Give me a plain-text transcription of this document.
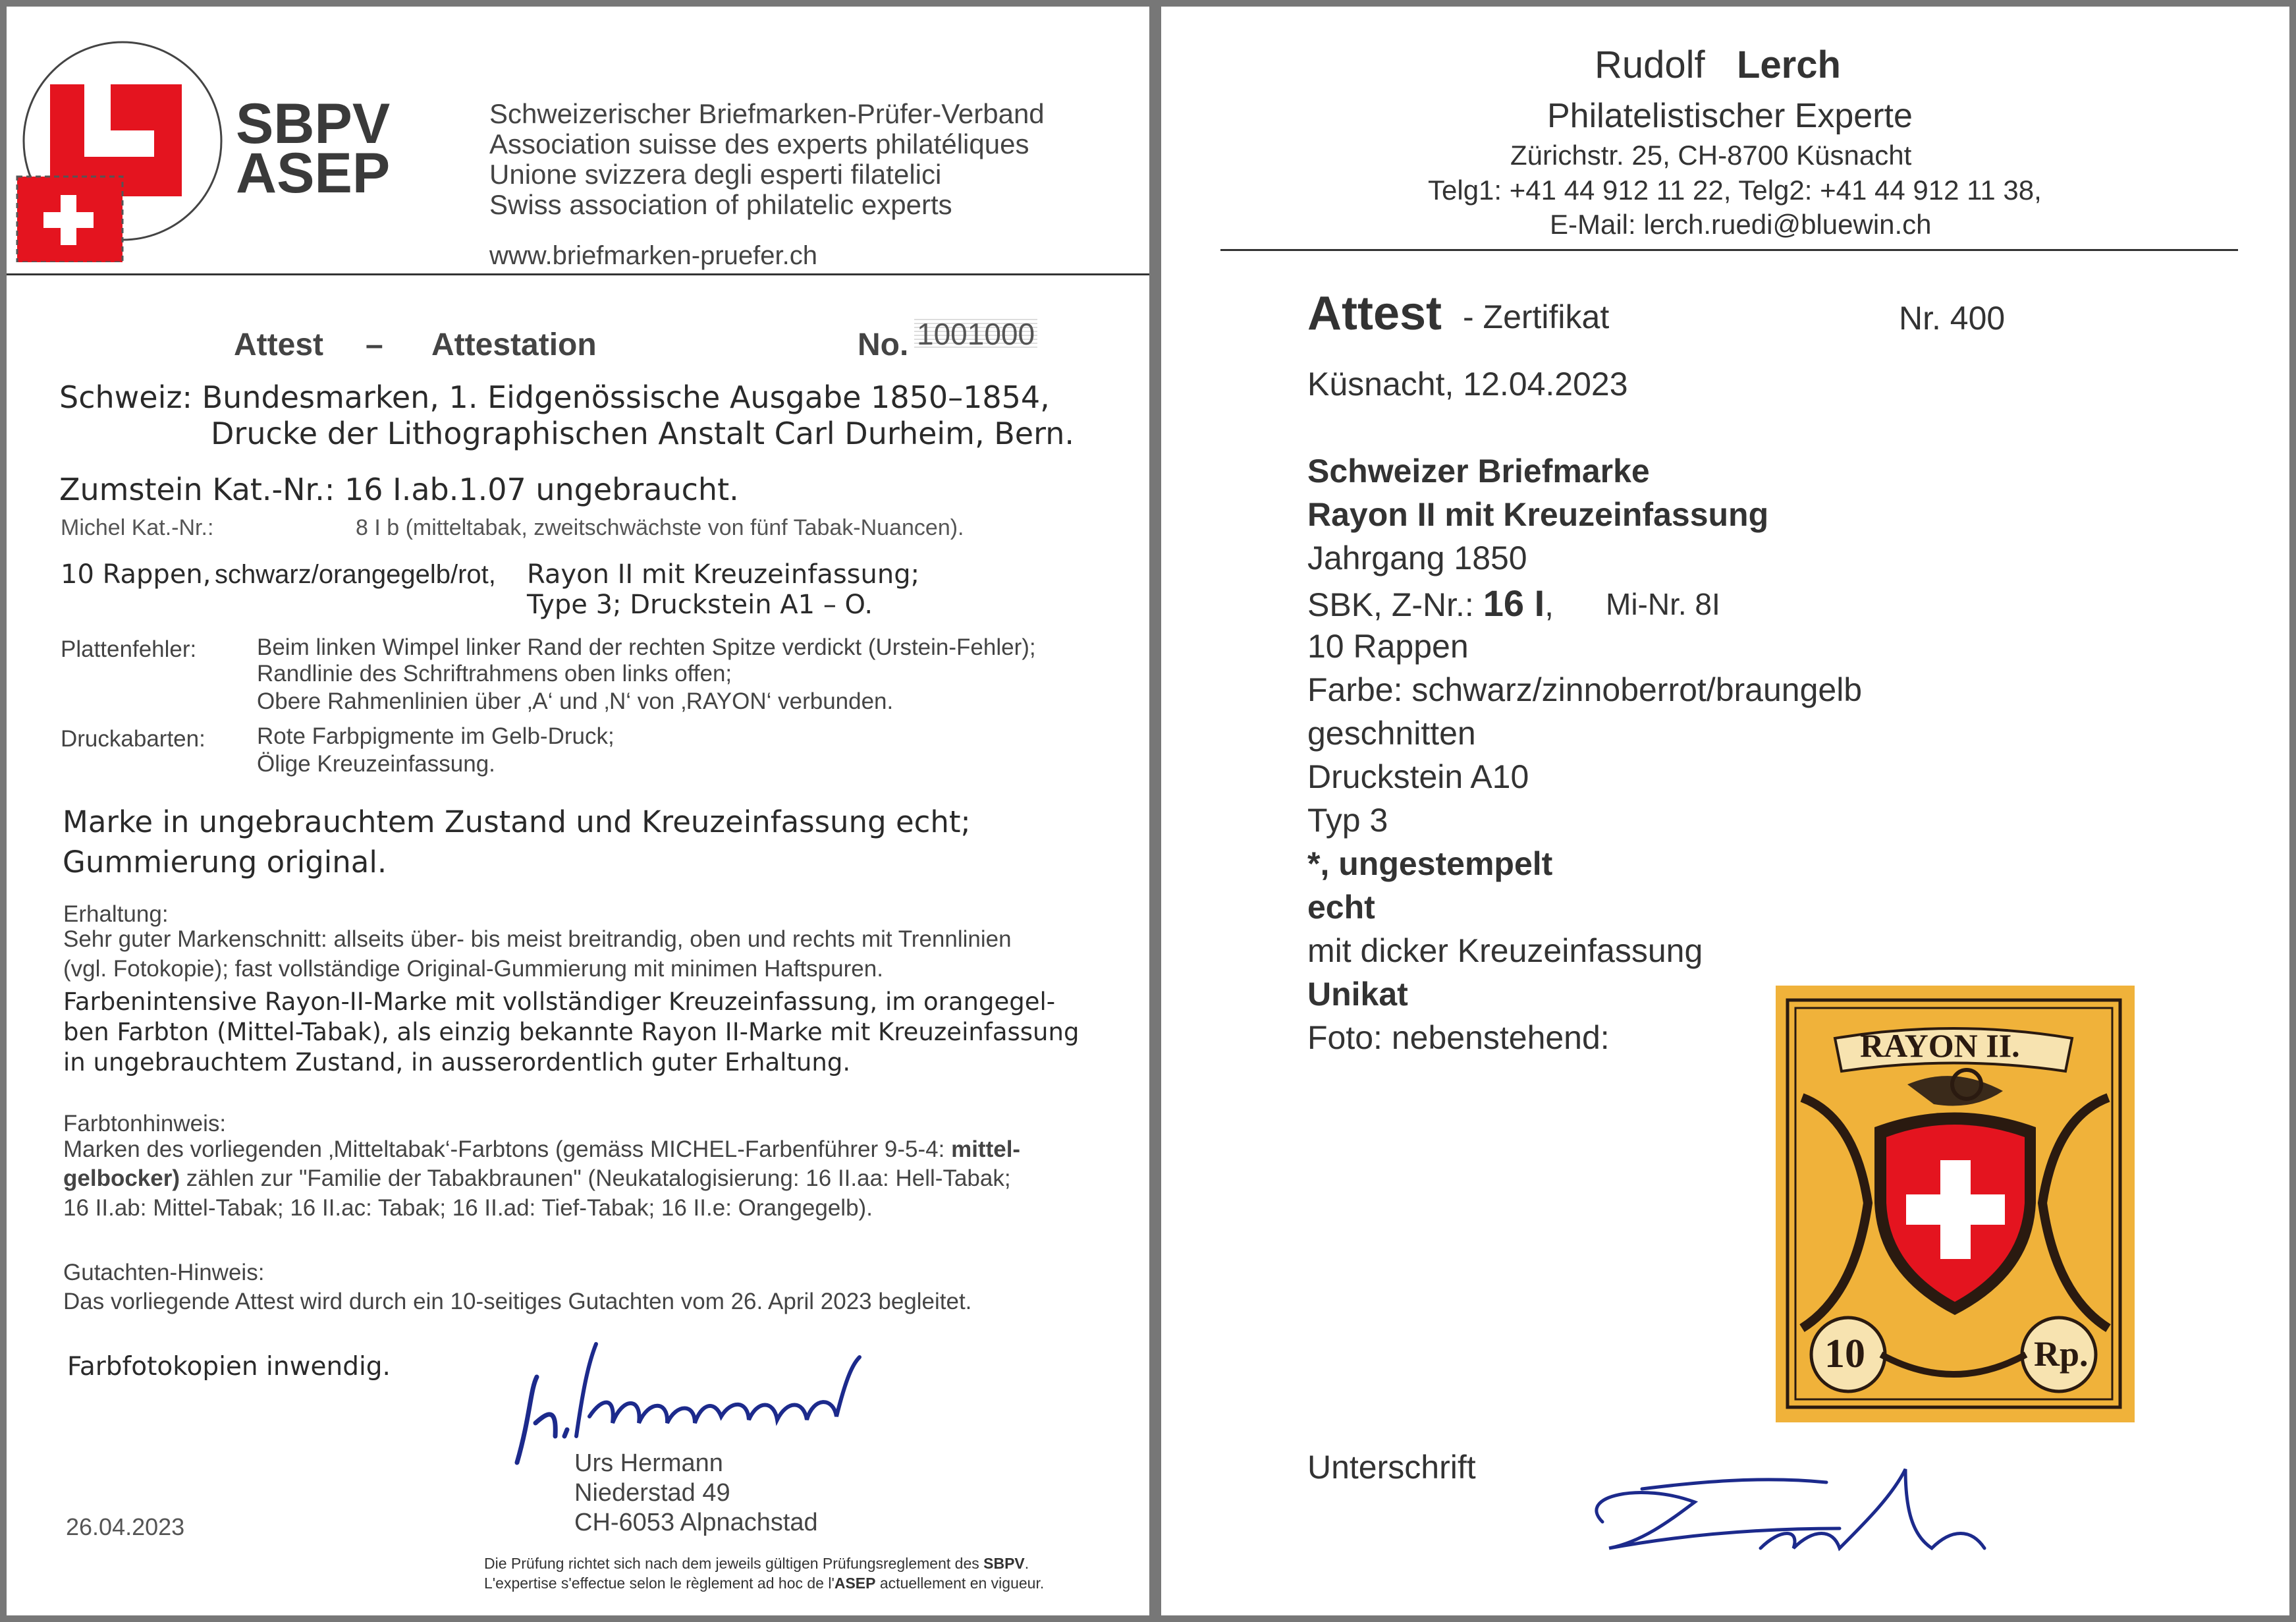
SBPV
ASEP
Schweizerischer Briefmarken-Prüfer-Verband
Association suisse des experts philatéliques
Unione svizzera degli esperti filatelici
Swiss association of philatelic experts
www.briefmarken-pruefer.ch
Attest – Attestation	No. 1001000
Schweiz: Bundesmarken, 1. Eidgenössische Ausgabe 1850–1854,
Drucke der Lithographischen Anstalt Carl Durheim, Bern.
Zumstein Kat.-Nr.: 16 I.ab.1.07 ungebraucht.
Michel Kat.-Nr.:	8 I b (mitteltabak, zweitschwächste von fünf Tabak-Nuancen).
10 Rappen, schwarz/orangegelb/rot, Rayon II mit Kreuzeinfassung;
Type 3; Druckstein A1 – O.
Plattenfehler:	Beim linken Wimpel linker Rand der rechten Spitze verdickt (Urstein-Fehler);
Randlinie des Schriftrahmens oben links offen;
Obere Rahmenlinien über ‚A‘ und ‚N‘ von ‚RAYON‘ verbunden.
Druckabarten: Rote Farbpigmente im Gelb-Druck;
Ölige Kreuzeinfassung.
Marke in ungebrauchtem Zustand und Kreuzeinfassung echt;
Gummierung original.
Erhaltung:
Sehr guter Markenschnitt: allseits über- bis meist breitrandig, oben und rechts mit Trennlinien
(vgl. Fotokopie); fast vollständige Original-Gummierung mit minimen Haftspuren.
Farbenintensive Rayon-II-Marke mit vollständiger Kreuzeinfassung, im orangegel-
ben Farbton (Mittel-Tabak), als einzig bekannte Rayon II-Marke mit Kreuzeinfassung
in ungebrauchtem Zustand, in ausserordentlich guter Erhaltung.
Farbtonhinweis:
Marken des vorliegenden ‚Mitteltabak‘-Farbtons (gemäss MICHEL-Farbenführer 9-5-4: mittel-
gelbocker) zählen zur "Familie der Tabakbraunen" (Neukatalogisierung: 16 II.aa: Hell-Tabak;
16 II.ab: Mittel-Tabak; 16 II.ac: Tabak; 16 II.ad: Tief-Tabak; 16 II.e: Orangegelb).
Gutachten-Hinweis:
Das vorliegende Attest wird durch ein 10-seitiges Gutachten vom 26. April 2023 begleitet.
Farbfotokopien inwendig.
Urs Hermann
Niederstad 49
CH-6053 Alpnachstad
26.04.2023
Die Prüfung richtet sich nach dem jeweils gültigen Prüfungsreglement des SBPV.
L'expertise s'effectue selon le règlement ad hoc de l'ASEP actuellement en vigueur.
Rudolf Lerch
Philatelistischer Experte
Zürichstr. 25, CH-8700 Küsnacht
Telg1: +41 44 912 11 22, Telg2: +41 44 912 11 38,
E-Mail: lerch.ruedi@bluewin.ch
Attest - Zertifikat	Nr. 400
Küsnacht, 12.04.2023
Schweizer Briefmarke
Rayon II mit Kreuzeinfassung
Jahrgang 1850
SBK, Z-Nr.: 16 I, Mi-Nr. 8I
10 Rappen
Farbe: schwarz/zinnoberrot/braungelb
geschnitten
Druckstein A10
Typ 3
*, ungestempelt
echt
mit dicker Kreuzeinfassung
Unikat
Foto: nebenstehend:	RAYON II.
10	Rp.
Unterschrift
